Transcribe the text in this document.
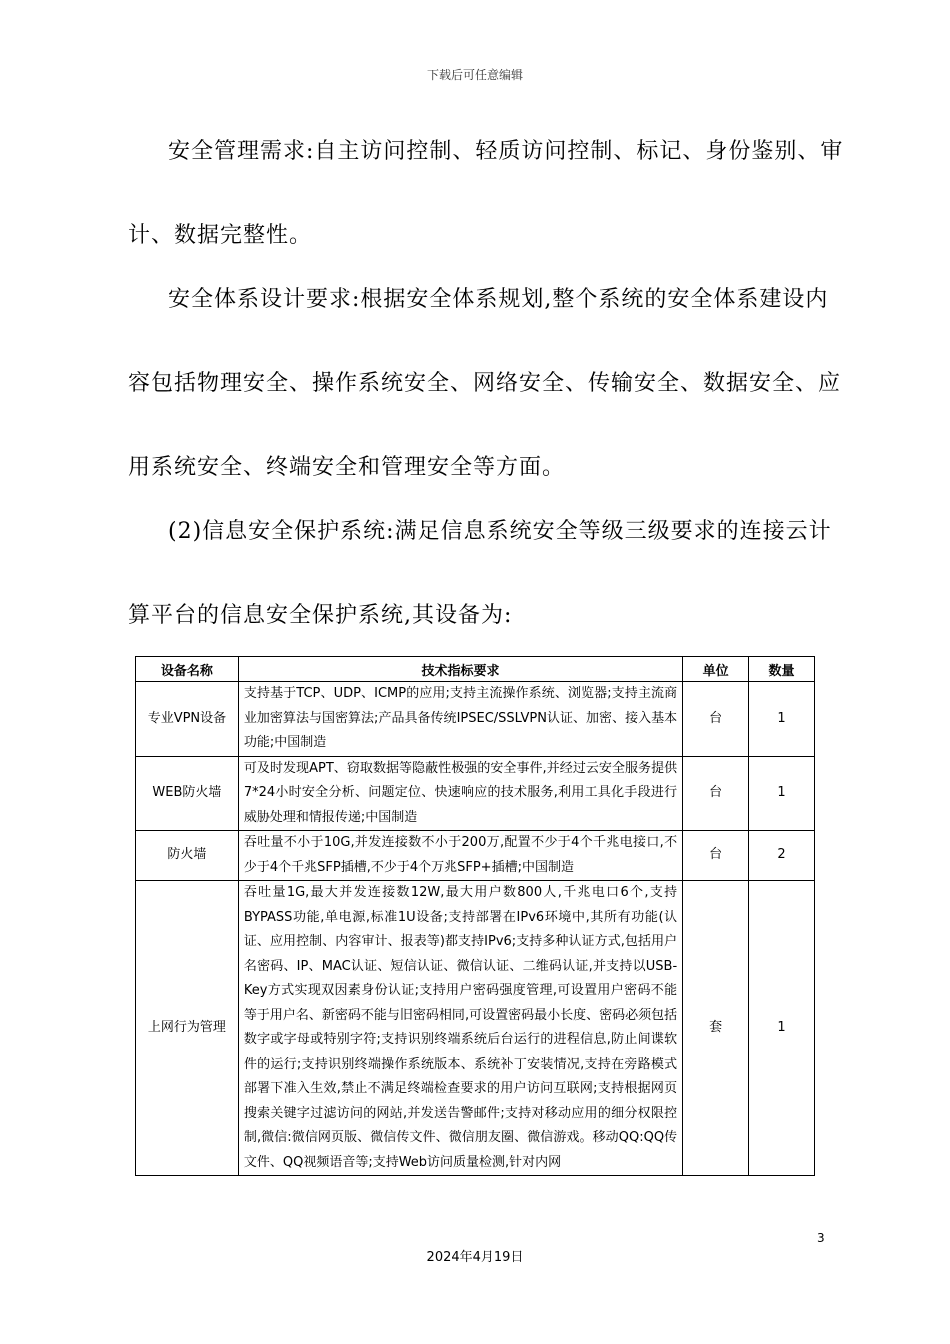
下载后可任意编辑

安全管理需求:自主访问控制、轻质访问控制、标记、身份鉴别、审计、数据完整性。

安全体系设计要求:根据安全体系规划,整个系统的安全体系建设内容包括物理安全、操作系统安全、网络安全、传输安全、数据安全、应用系统安全、终端安全和管理安全等方面。

(2)信息安全保护系统:满足信息系统安全等级三级要求的连接云计算平台的信息安全保护系统,其设备为:

设备名称	技术指标要求	单位	数量
专业VPN设备	支持基于TCP、UDP、ICMP的应用;支持主流操作系统、浏览器;支持主流商业加密算法与国密算法;产品具备传统IPSEC/SSLVPN认证、加密、接入基本功能;中国制造	台	1
WEB防火墙	可及时发现APT、窃取数据等隐蔽性极强的安全事件,并经过云安全服务提供7*24小时安全分析、问题定位、快速响应的技术服务,利用工具化手段进行威胁处理和情报传递;中国制造	台	1
防火墙	吞吐量不小于10G,并发连接数不小于200万,配置不少于4个千兆电接口,不少于4个千兆SFP插槽,不少于4个万兆SFP+插槽;中国制造	台	2
上网行为管理	吞吐量1G,最大并发连接数12W,最大用户数800人,千兆电口6个,支持BYPASS功能,单电源,标准1U设备;支持部署在IPv6环境中,其所有功能(认证、应用控制、内容审计、报表等)都支持IPv6;支持多种认证方式,包括用户名密码、IP、MAC认证、短信认证、微信认证、二维码认证,并支持以USB-Key方式实现双因素身份认证;支持用户密码强度管理,可设置用户密码不能等于用户名、新密码不能与旧密码相同,可设置密码最小长度、密码必须包括数字或字母或特别字符;支持识别终端系统后台运行的进程信息,防止间谍软件的运行;支持识别终端操作系统版本、系统补丁安装情况,支持在旁路模式部署下准入生效,禁止不满足终端检查要求的用户访问互联网;支持根据网页搜索关键字过滤访问的网站,并发送告警邮件;支持对移动应用的细分权限控制,微信:微信网页版、微信传文件、微信朋友圈、微信游戏。移动QQ:QQ传文件、QQ视频语音等;支持Web访问质量检测,针对内网	套	1
3
2024年4月19日
